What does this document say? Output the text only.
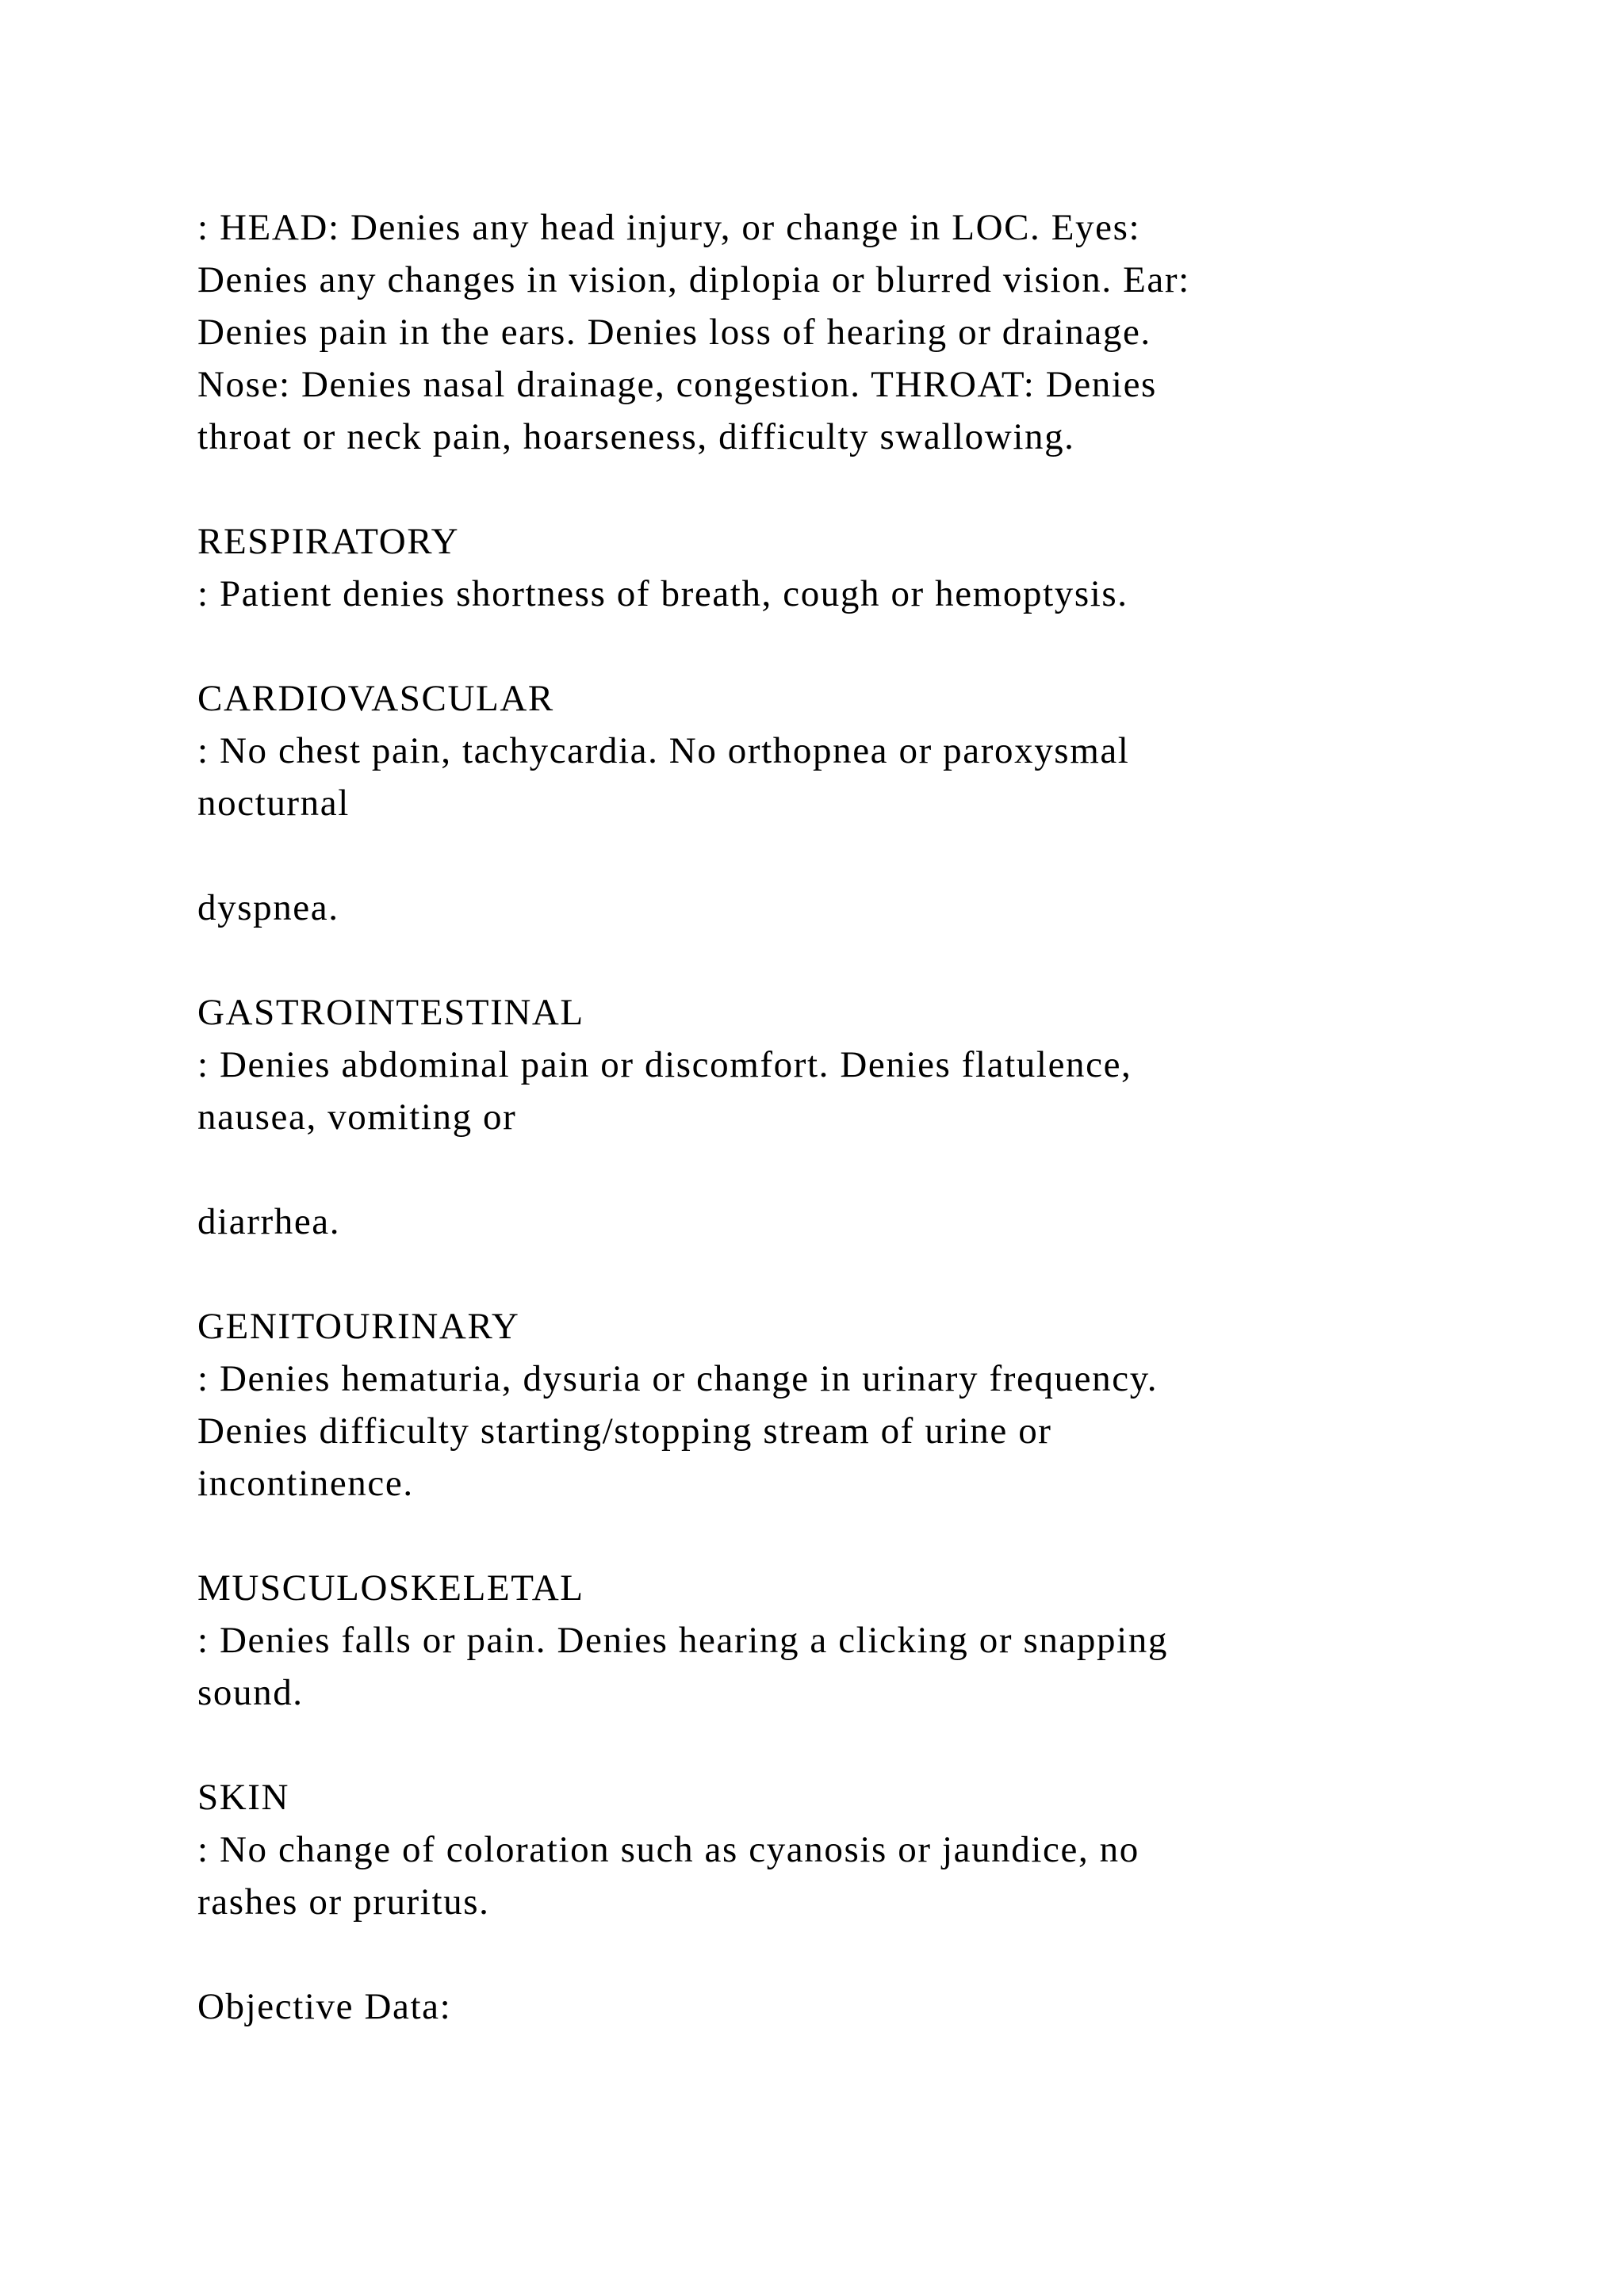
: HEAD: Denies any head injury, or change in LOC. Eyes:
Denies any changes in vision, diplopia or blurred vision. Ear:
Denies pain in the ears. Denies loss of hearing or drainage.
Nose: Denies nasal drainage, congestion. THROAT: Denies
throat or neck pain, hoarseness, difficulty swallowing.
RESPIRATORY
: Patient denies shortness of breath, cough or hemoptysis.
CARDIOVASCULAR
: No chest pain, tachycardia. No orthopnea or paroxysmal
nocturnal
dyspnea.
GASTROINTESTINAL
: Denies abdominal pain or discomfort. Denies flatulence,
nausea, vomiting or
diarrhea.
GENITOURINARY
: Denies hematuria, dysuria or change in urinary frequency.
Denies difficulty starting/stopping stream of urine or
incontinence.
MUSCULOSKELETAL
: Denies falls or pain. Denies hearing a clicking or snapping
sound.
SKIN
: No change of coloration such as cyanosis or jaundice, no
rashes or pruritus.
Objective Data:
